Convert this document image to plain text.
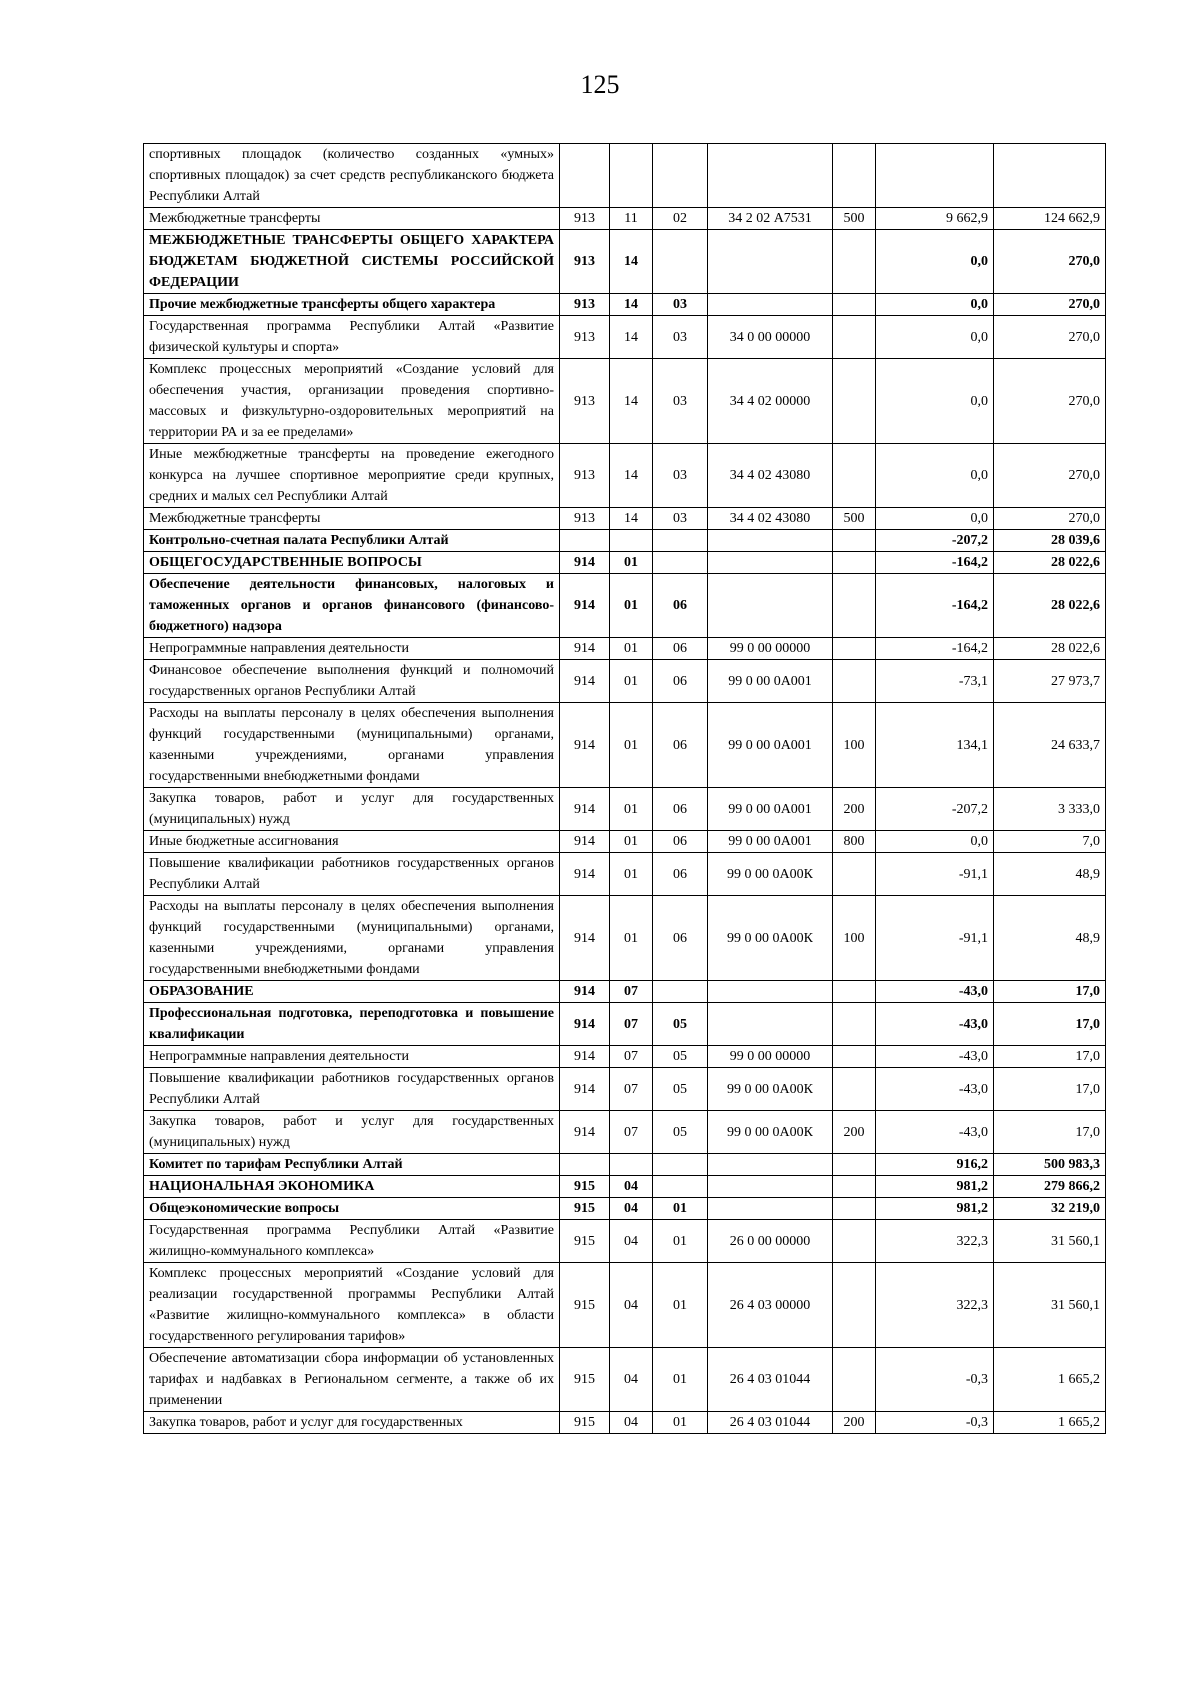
125
спортивных площадок (количество созданных «умных» спортивных площадок) за счет средств республиканского бюджета Республики Алтай							
Межбюджетные трансферты	913	11	02	34 2 02 А7531	500	9 662,9	124 662,9
МЕЖБЮДЖЕТНЫЕ ТРАНСФЕРТЫ ОБЩЕГО ХАРАКТЕРА БЮДЖЕТАМ БЮДЖЕТНОЙ СИСТЕМЫ РОССИЙСКОЙ ФЕДЕРАЦИИ	913	14				0,0	270,0
Прочие межбюджетные трансферты общего характера	913	14	03			0,0	270,0
Государственная программа Республики Алтай «Развитие физической культуры и спорта»	913	14	03	34 0 00 00000		0,0	270,0
Комплекс процессных мероприятий «Создание условий для обеспечения участия, организации проведения спортивно-массовых и физкультурно-оздоровительных мероприятий на территории РА и за ее пределами»	913	14	03	34 4 02 00000		0,0	270,0
Иные межбюджетные трансферты на проведение ежегодного конкурса на лучшее спортивное мероприятие среди крупных, средних и малых сел Республики Алтай	913	14	03	34 4 02 43080		0,0	270,0
Межбюджетные трансферты	913	14	03	34 4 02 43080	500	0,0	270,0
Контрольно-счетная палата Республики Алтай						-207,2	28 039,6
ОБЩЕГОСУДАРСТВЕННЫЕ ВОПРОСЫ	914	01				-164,2	28 022,6
Обеспечение деятельности финансовых, налоговых и таможенных органов и органов финансового (финансово-бюджетного) надзора	914	01	06			-164,2	28 022,6
Непрограммные направления деятельности	914	01	06	99 0 00 00000		-164,2	28 022,6
Финансовое обеспечение выполнения функций и полномочий государственных органов Республики Алтай	914	01	06	99 0 00 0А001		-73,1	27 973,7
Расходы на выплаты персоналу в целях обеспечения выполнения функций государственными (муниципальными) органами, казенными учреждениями, органами управления государственными внебюджетными фондами	914	01	06	99 0 00 0А001	100	134,1	24 633,7
Закупка товаров, работ и услуг для государственных (муниципальных) нужд	914	01	06	99 0 00 0А001	200	-207,2	3 333,0
Иные бюджетные ассигнования	914	01	06	99 0 00 0А001	800	0,0	7,0
Повышение квалификации работников государственных органов Республики Алтай	914	01	06	99 0 00 0А00К		-91,1	48,9
Расходы на выплаты персоналу в целях обеспечения выполнения функций государственными (муниципальными) органами, казенными учреждениями, органами управления государственными внебюджетными фондами	914	01	06	99 0 00 0А00К	100	-91,1	48,9
ОБРАЗОВАНИЕ	914	07				-43,0	17,0
Профессиональная подготовка, переподготовка и повышение квалификации	914	07	05			-43,0	17,0
Непрограммные направления деятельности	914	07	05	99 0 00 00000		-43,0	17,0
Повышение квалификации работников государственных органов Республики Алтай	914	07	05	99 0 00 0А00К		-43,0	17,0
Закупка товаров, работ и услуг для государственных (муниципальных) нужд	914	07	05	99 0 00 0А00К	200	-43,0	17,0
Комитет по тарифам Республики Алтай						916,2	500 983,3
НАЦИОНАЛЬНАЯ ЭКОНОМИКА	915	04				981,2	279 866,2
Общеэкономические вопросы	915	04	01			981,2	32 219,0
Государственная программа Республики Алтай «Развитие жилищно-коммунального комплекса»	915	04	01	26 0 00 00000		322,3	31 560,1
Комплекс процессных мероприятий «Создание условий для реализации государственной программы Республики Алтай «Развитие жилищно-коммунального комплекса» в области государственного регулирования тарифов»	915	04	01	26 4 03 00000		322,3	31 560,1
Обеспечение автоматизации сбора информации об установленных тарифах и надбавках в Региональном сегменте, а также об их применении	915	04	01	26 4 03 01044		-0,3	1 665,2
Закупка товаров, работ и услуг для государственных	915	04	01	26 4 03 01044	200	-0,3	1 665,2
